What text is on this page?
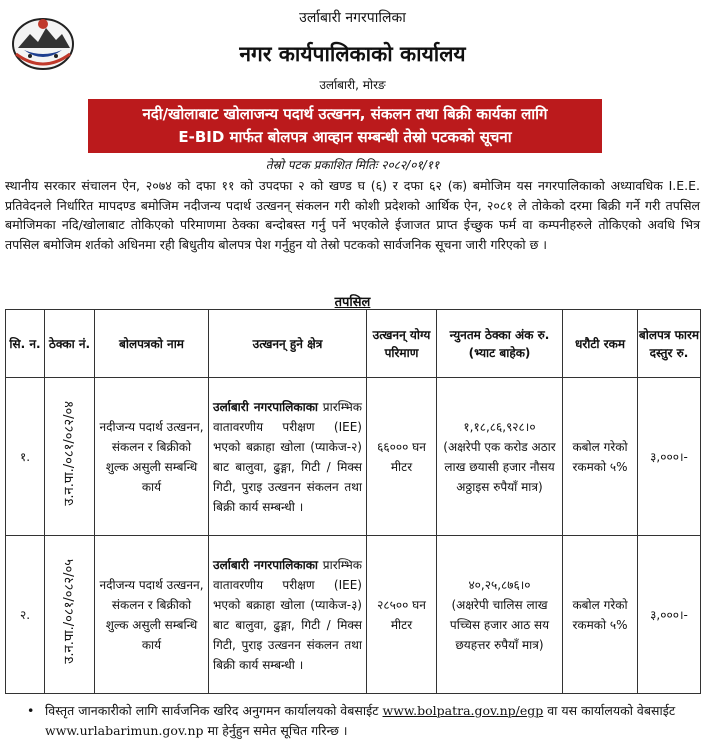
उर्लाबारी नगरपालिका
नगर कार्यपालिकाको कार्यालय
उर्लाबारी, मोरङ
नदी/खोलाबाट खोलाजन्य पदार्थ उत्खनन, संकलन तथा बिक्री कार्यका लागि
E-BID मार्फत बोलपत्र आव्हान सम्बन्धी तेस्रो पटकको सूचना
तेस्रो पटक प्रकाशित मितिः २०८२/०१/११
स्थानीय सरकार संचालन ऐन, २०७४ को दफा ११ को उपदफा २ को खण्ड घ (६) र दफा ६२ (क) बमोजिम यस नगरपालिकाको अध्यावधिक I.E.E. प्रतिवेदनले निर्धारित मापदण्ड बमोजिम नदीजन्य पदार्थ उत्खनन् संकलन गरी कोशी प्रदेशको आर्थिक ऐन, २०८१ ले तोकेको दरमा बिक्री गर्ने गरी तपसिल बमोजिमका नदि/खोलाबाट तोकिएको परिमाणमा ठेक्का बन्दोबस्त गर्नु पर्ने भएकोले ईजाजत प्राप्त ईच्छुक फर्म वा कम्पनीहरुले तोकिएको अवधि भित्र तपसिल बमोजिम शर्तको अधिनमा रही बिधुतीय बोलपत्र पेश गर्नुहुन यो तेस्रो पटकको सार्वजनिक सूचना जारी गरिएको छ ।
तपसिल
सि. न.	ठेक्का नं.	बोलपत्रको नाम	उत्खनन् हुने क्षेत्र	उत्खनन् योग्य परिमाण	न्युनतम ठेक्का अंक रु. (भ्याट बाहेक)	धरौटी रकम	बोलपत्र फारम दस्तुर रु.
१.	उ.न.पा./०८१/०८२/०४	नदीजन्य पदार्थ उत्खनन, संकलन र बिक्रीको शुल्क असुली सम्बन्धि कार्य	उर्लाबारी नगरपालिकाका प्रारम्भिक वातावरणीय परीक्षण (IEE) भएको बक्राहा खोला (प्याकेज-२) बाट बालुवा, ढुङ्गा, गिटी / मिक्स गिटी, पुराइ उत्खनन संकलन तथा बिक्री कार्य सम्बन्धी ।	६६००० घन मीटर	१,१८,८६,९२८।०
(अक्षरेपी एक करोड अठार लाख छयासी हजार नौसय अठ्ठाइस रुपैयाँ मात्र)	कबोल गरेको रकमको ५%	३,०००।-
२.	उ.न.पा./०८१/०८२/०५	नदीजन्य पदार्थ उत्खनन, संकलन र बिक्रीको शुल्क असुली सम्बन्धि कार्य	उर्लाबारी नगरपालिकाका प्रारम्भिक वातावरणीय परीक्षण (IEE) भएको बक्राहा खोला (प्याकेज-३) बाट बालुवा, ढुङ्गा, गिटी / मिक्स गिटी, पुराइ उत्खनन संकलन तथा बिक्री कार्य सम्बन्धी ।	२८५०० घन मीटर	४०,२५,८७६।०
(अक्षरेपी चालिस लाख पच्चिस हजार आठ सय छयहत्तर रुपैयाँ मात्र)	कबोल गरेको रकमको ५%	३,०००।-
• विस्तृत जानकारीको लागि सार्वजनिक खरिद अनुगमन कार्यालयको वेबसाईट www.bolpatra.gov.np/egp वा यस कार्यालयको वेबसाईट www.urlabarimun.gov.np मा हेर्नुहुन समेत सूचित गरिन्छ ।
